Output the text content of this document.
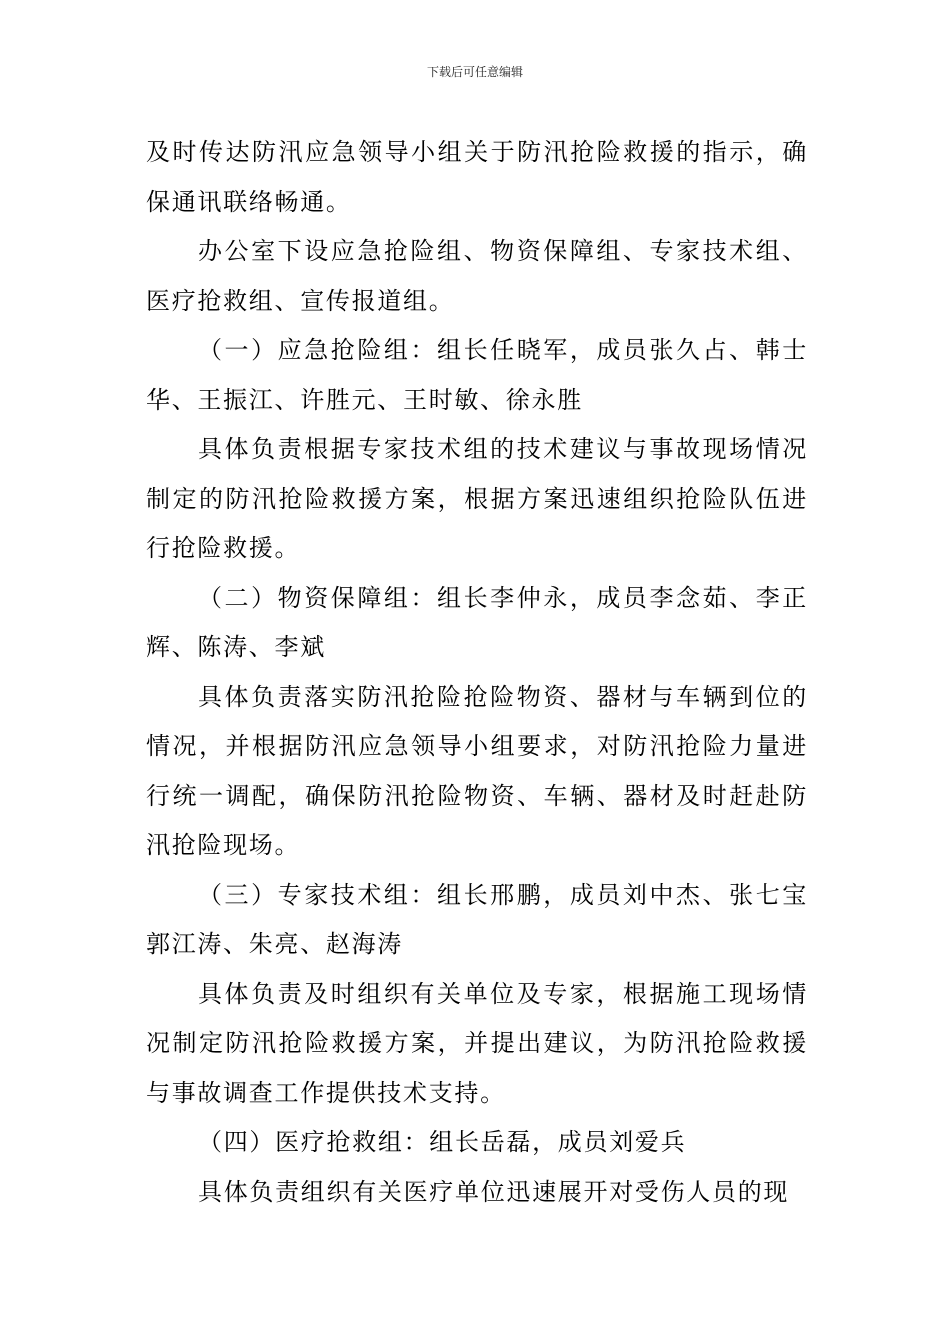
下载后可任意编辑

及时传达防汛应急领导小组关于防汛抢险救援的指示，确保通讯联络畅通。

办公室下设应急抢险组、物资保障组、专家技术组、医疗抢救组、宣传报道组。

（一）应急抢险组：组长任晓军，成员张久占、韩士华、王振江、许胜元、王时敏、徐永胜

具体负责根据专家技术组的技术建议与事故现场情况制定的防汛抢险救援方案，根据方案迅速组织抢险队伍进行抢险救援。

（二）物资保障组：组长李仲永，成员李念茹、李正辉、陈涛、李斌

具体负责落实防汛抢险抢险物资、器材与车辆到位的情况，并根据防汛应急领导小组要求，对防汛抢险力量进行统一调配，确保防汛抢险物资、车辆、器材及时赶赴防汛抢险现场。

（三）专家技术组：组长邢鹏，成员刘中杰、张七宝郭江涛、朱亮、赵海涛

具体负责及时组织有关单位及专家，根据施工现场情况制定防汛抢险救援方案，并提出建议，为防汛抢险救援与事故调查工作提供技术支持。

（四）医疗抢救组：组长岳磊，成员刘爱兵

具体负责组织有关医疗单位迅速展开对受伤人员的现
